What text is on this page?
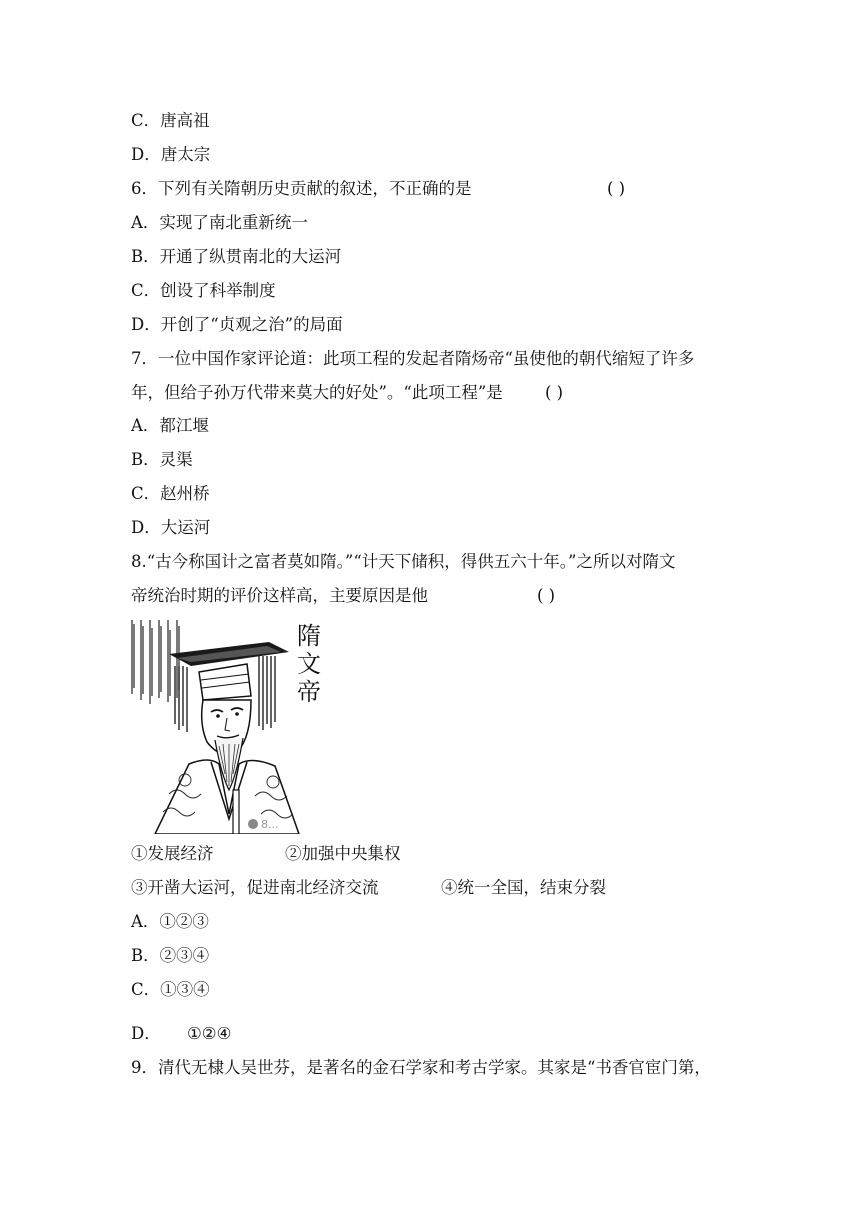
C．唐高祖
D．唐太宗
6．下列有关隋朝历史贡献的叙述，不正确的是	( )
A．实现了南北重新统一
B．开通了纵贯南北的大运河
C．创设了科举制度
D．开创了“贞观之治”的局面
7．一位中国作家评论道：此项工程的发起者隋炀帝“虽使他的朝代缩短了许多
年，但给子孙万代带来莫大的好处”。“此项工程”是	( )
A．都江堰
B．灵渠
C．赵州桥
D．大运河
8.“古今称国计之富者莫如隋。”“计天下储积，得供五六十年。”之所以对隋文
帝统治时期的评价这样高，主要原因是他	( )
隋
文
帝
8...
①发展经济	②加强中央集权
③开凿大运河，促进南北经济交流	④统一全国，结束分裂
A．①②③
B．②③④
C．①③④
D． ①②④
9．清代无棣人吴世芬，是著名的金石学家和考古学家。其家是“书香官宦门第，
